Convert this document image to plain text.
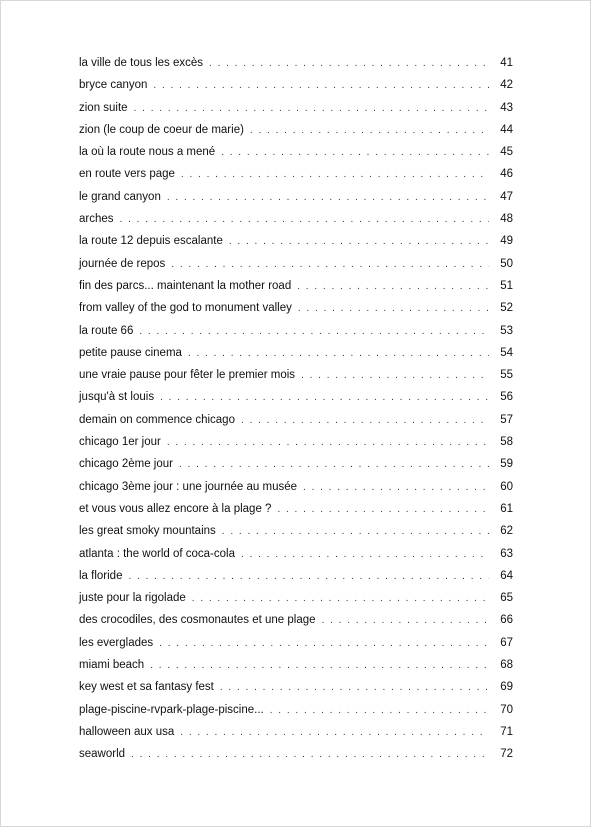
la ville de tous les excès . . .	41
bryce canyon . . .	42
zion suite . . .	43
zion (le coup de coeur de marie) . . .	44
la où la route nous a mené . . .	45
en route vers page . . .	46
le grand canyon . . .	47
arches . . .	48
la route 12 depuis escalante . . .	49
journée de repos . . .	50
fin des parcs... maintenant la mother road . . .	51
from valley of the god to monument valley . . .	52
la route 66 . . .	53
petite pause cinema . . .	54
une vraie pause pour fêter le premier mois . . .	55
jusqu'à st louis . . .	56
demain on commence chicago . . .	57
chicago 1er jour . . .	58
chicago 2ème jour . . .	59
chicago 3ème jour : une journée au musée . . .	60
et vous vous allez encore à la plage ? . . .	61
les great smoky mountains . . .	62
atlanta : the world of coca-cola . . .	63
la floride . . .	64
juste pour la rigolade . . .	65
des crocodiles, des cosmonautes et une plage . . .	66
les everglades . . .	67
miami beach . . .	68
key west et sa fantasy fest . . .	69
plage-piscine-rvpark-plage-piscine... . . .	70
halloween aux usa . . .	71
seaworld . . .	72
